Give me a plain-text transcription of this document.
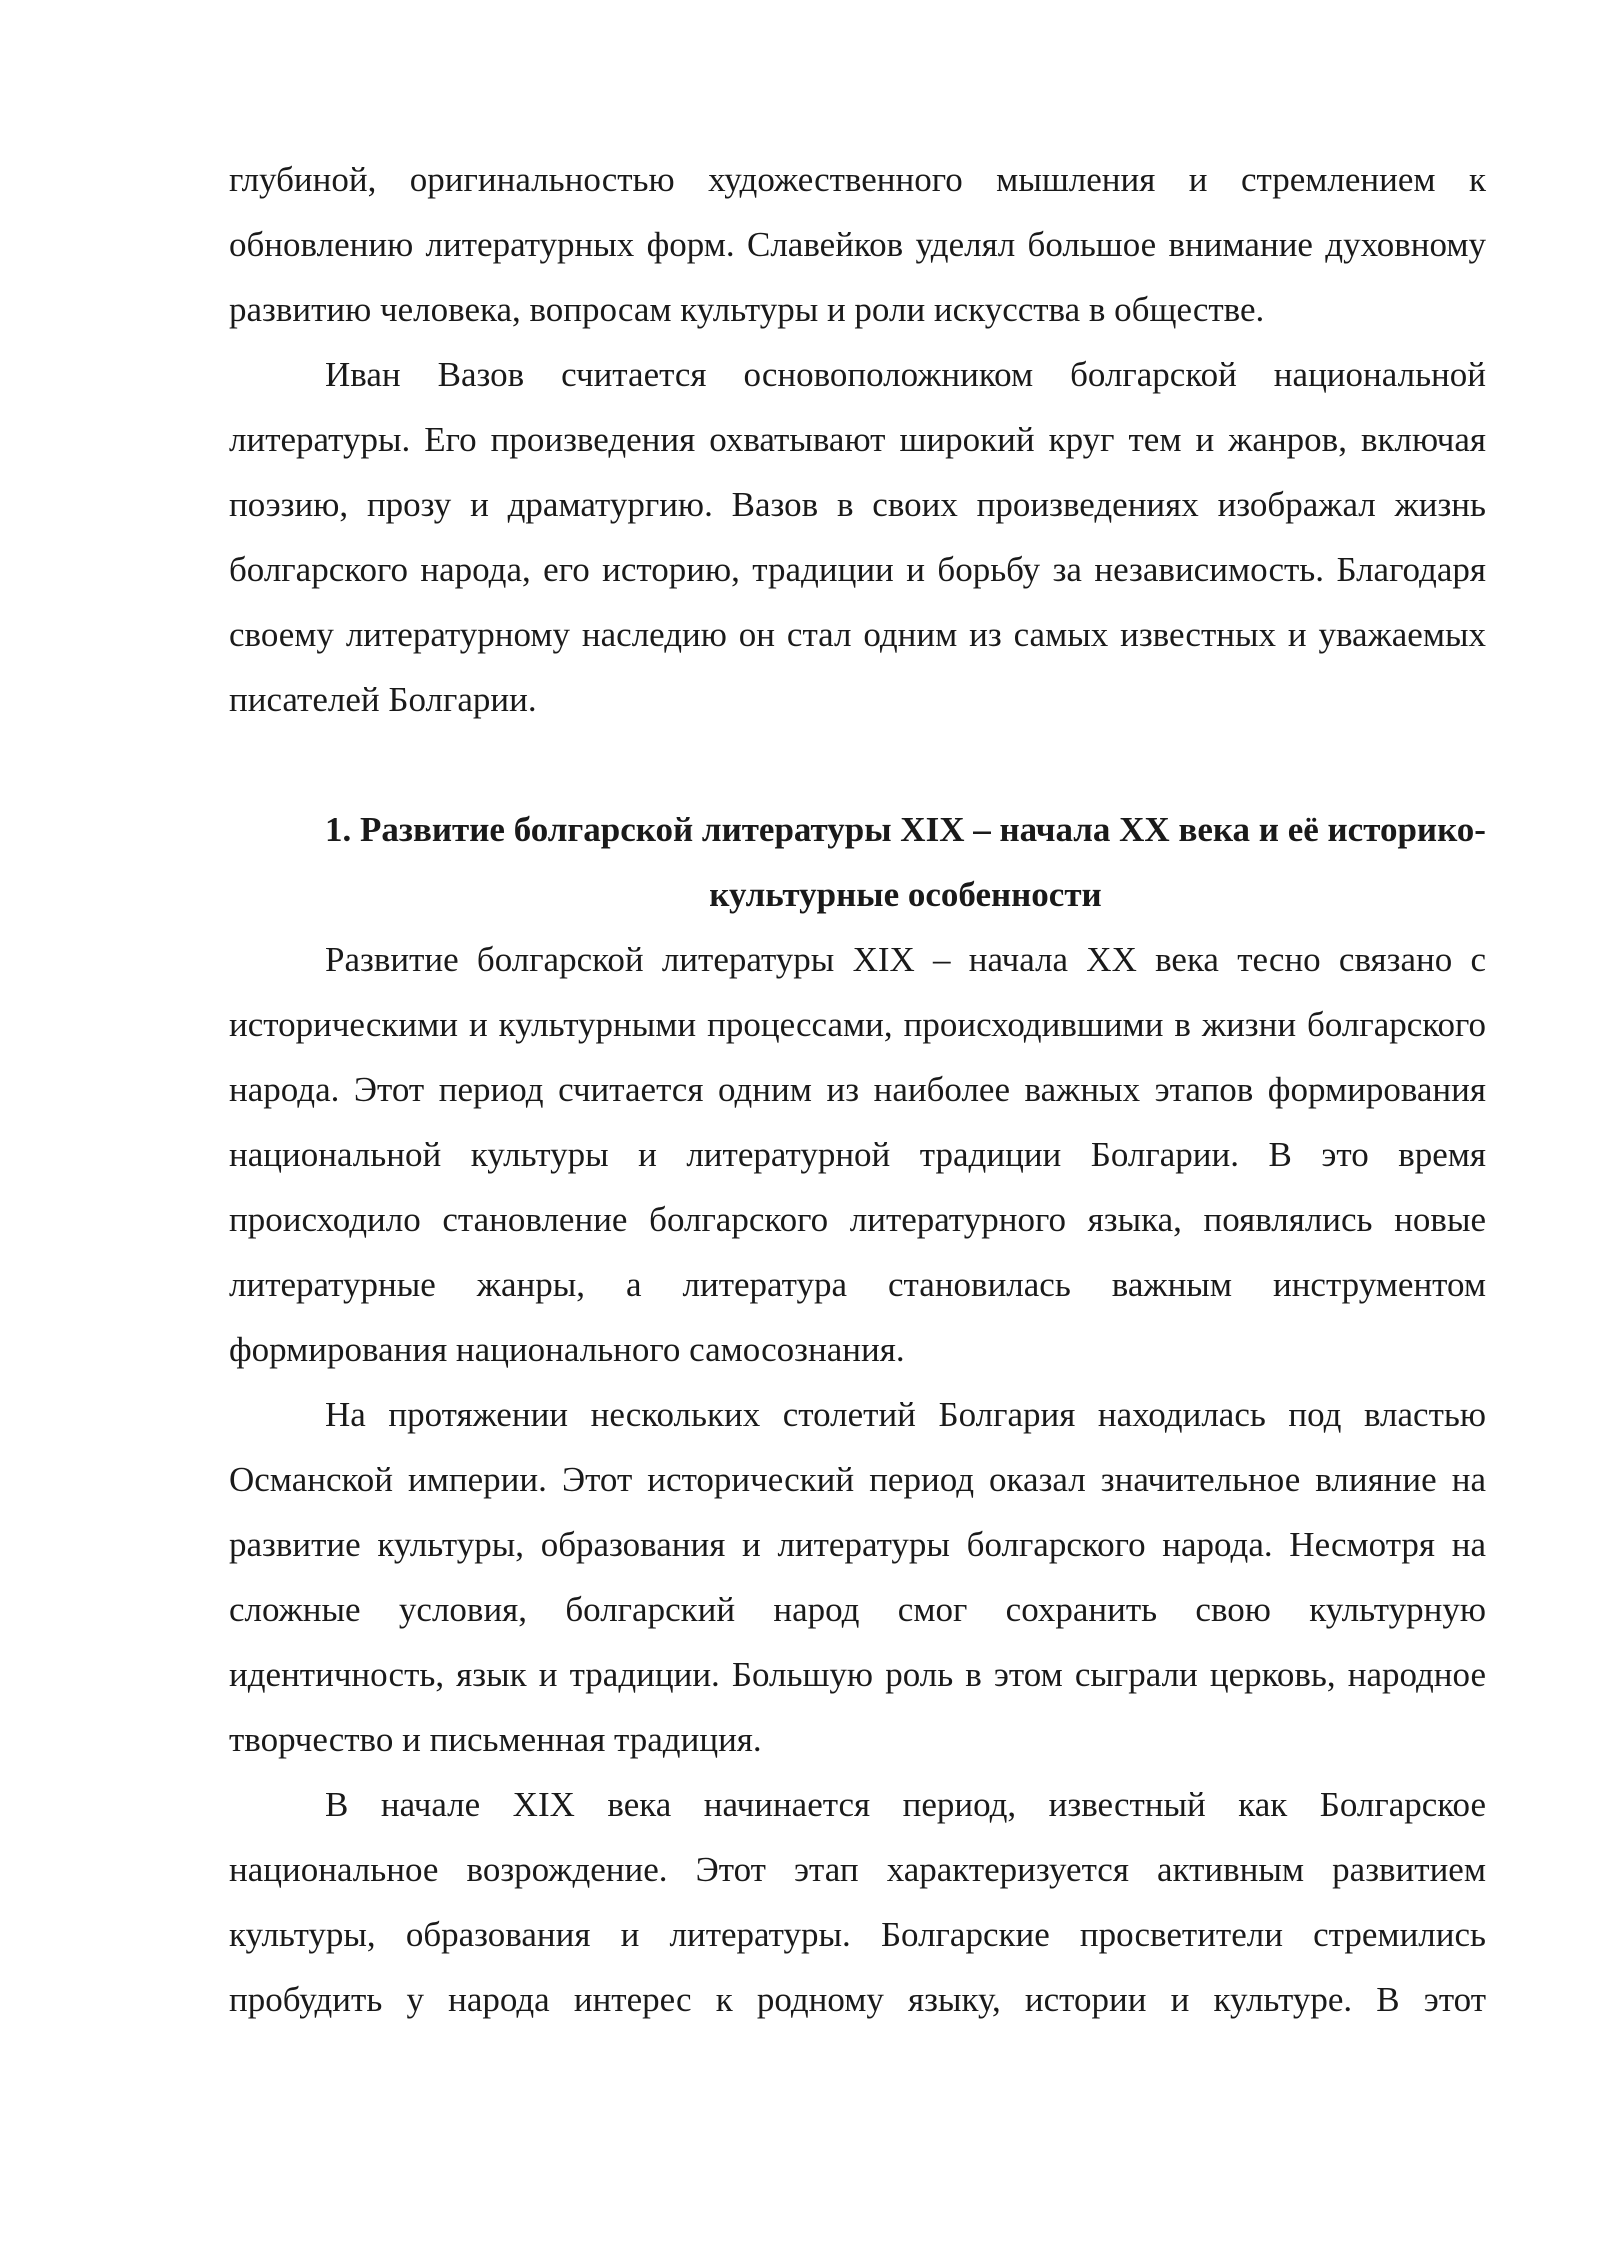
глубиной, оригинальностью художественного мышления и стремлением к обновлению литературных форм. Славейков уделял большое внимание духовному развитию человека, вопросам культуры и роли искусства в обществе.

Иван Вазов считается основоположником болгарской национальной литературы. Его произведения охватывают широкий круг тем и жанров, включая поэзию, прозу и драматургию. Вазов в своих произведениях изображал жизнь болгарского народа, его историю, традиции и борьбу за независимость. Благодаря своему литературному наследию он стал одним из самых известных и уважаемых писателей Болгарии.

1. Развитие болгарской литературы XIX – начала XX века и её историко-культурные особенности

Развитие болгарской литературы XIX – начала XX века тесно связано с историческими и культурными процессами, происходившими в жизни болгарского народа. Этот период считается одним из наиболее важных этапов формирования национальной культуры и литературной традиции Болгарии. В это время происходило становление болгарского литературного языка, появлялись новые литературные жанры, а литература становилась важным инструментом формирования национального самосознания.

На протяжении нескольких столетий Болгария находилась под властью Османской империи. Этот исторический период оказал значительное влияние на развитие культуры, образования и литературы болгарского народа. Несмотря на сложные условия, болгарский народ смог сохранить свою культурную идентичность, язык и традиции. Большую роль в этом сыграли церковь, народное творчество и письменная традиция.

В начале XIX века начинается период, известный как Болгарское национальное возрождение. Этот этап характеризуется активным развитием культуры, образования и литературы. Болгарские просветители стремились пробудить у народа интерес к родному языку, истории и культуре. В этот
